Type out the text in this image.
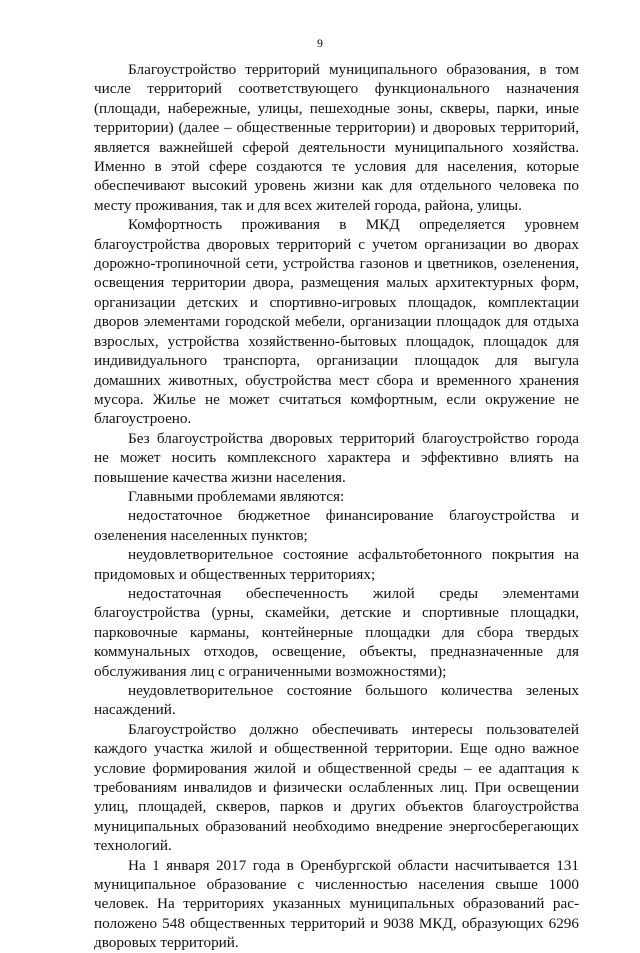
9

Благоустройство территорий муниципального образования, в том числе территорий соответствующего функционального назначения (площади, набережные, улицы, пешеходные зоны, скверы, парки, иные территории) (далее – общественные территории) и дворовых территорий, является важнейшей сферой деятельности муниципального хозяйства. Именно в этой сфере создаются те условия для населения, которые обеспечивают высокий уровень жизни как для отдельного человека по месту проживания, так и для всех жителей города, района, улицы.

Комфортность проживания в МКД определяется уровнем благоустройства дворовых территорий с учетом организации во дворах дорожно-тропиночной сети, устройства газонов и цветников, озеленения, освещения территории двора, размещения малых архитектурных форм, организации детских и спортивно-игровых площадок, комплектации дворов элементами городской мебели, организации площадок для отдыха взрослых, устройства хозяйственно-бытовых площадок, площадок для индивидуального транспорта, организации площадок для выгула домашних животных, обустройства мест сбора и временного хранения мусора. Жилье не может считаться комфортным, если окружение не благоустроено.

Без благоустройства дворовых территорий благоустройство города не может носить комплексного характера и эффективно влиять на повышение качества жизни населения.

Главными проблемами являются:

недостаточное бюджетное финансирование благоустройства и озеленения населенных пунктов;

неудовлетворительное состояние асфальтобетонного покрытия на придомовых и общественных территориях;

недостаточная обеспеченность жилой среды элементами благоустройства (урны, скамейки, детские и спортивные площадки, парковочные карманы, контейнерные площадки для сбора твердых коммунальных отходов, освещение, объекты, предназначенные для обслуживания лиц с ограниченными возможностями);

неудовлетворительное состояние большого количества зеленых насаждений.

Благоустройство должно обеспечивать интересы пользователей каждого участка жилой и общественной территории. Еще одно важное условие формирования жилой и общественной среды – ее адаптация к требованиям инвалидов и физически ослабленных лиц. При освещении улиц, площадей, скверов, парков и других объектов благоустройства муниципальных образований необходимо внедрение энергосберегающих технологий.

На 1 января 2017 года в Оренбургской области насчитывается 131 муниципальное образование с численностью населения свыше 1000 человек. На территориях указанных муниципальных образований расположено 548 общественных территорий и 9038 МКД, образующих 6296 дворовых территорий.
